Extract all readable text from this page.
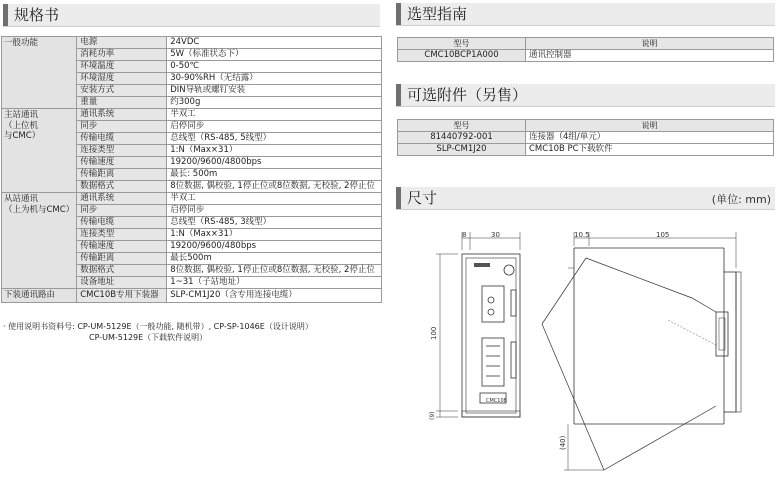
规格书
一般功能	电源	24VDC
	消耗功率	5W（标准状态下）
	环境温度	0-50℃
	环境湿度	30-90%RH（无结露）
	安装方式	DIN导轨或螺钉安装
	重量	约300g
主站通讯
（上位机
与CMC）	通讯系统	半双工
	同步	启停同步
	传输电缆	总线型（RS-485, 5线型）
	连接类型	1:N（Max×31）
	传输速度	19200/9600/4800bps
	传输距离	最长: 500m
	数据格式	8位数据, 偶校验, 1停止位或8位数据, 无校验, 2停止位
从站通讯
（上为机与CMC）	通讯系统	半双工
	同步	启停同步
	传输电缆	总线型（RS-485, 3线型）
	连接类型	1:N（Max×31）
	传输速度	19200/9600/480bps
	传输距离	最长500m
	数据格式	8位数据, 偶校验, 1停止位或8位数据, 无校验, 2停止位
	设备地址	1~31（子站地址）
下装通讯路由	CMC10B专用下装器	SLP-CM1J20（含专用连接电缆）
· 使用说明书资料号: CP-UM-5129E（一般功能, 随机带）, CP-SP-1046E（设计说明）
CP-UM-5129E（下载软件说明）
选型指南
型号	说明
CMC10BCP1A000	通讯控制器
可选附件（另售）
型号	说明
81440792-001	连接器（4组/单元）
SLP-CM1J20	CMC10B PC下载软件
尺寸	(单位: mm)
CMC10B
8	30
100
(9)
10.5	105
(40)
